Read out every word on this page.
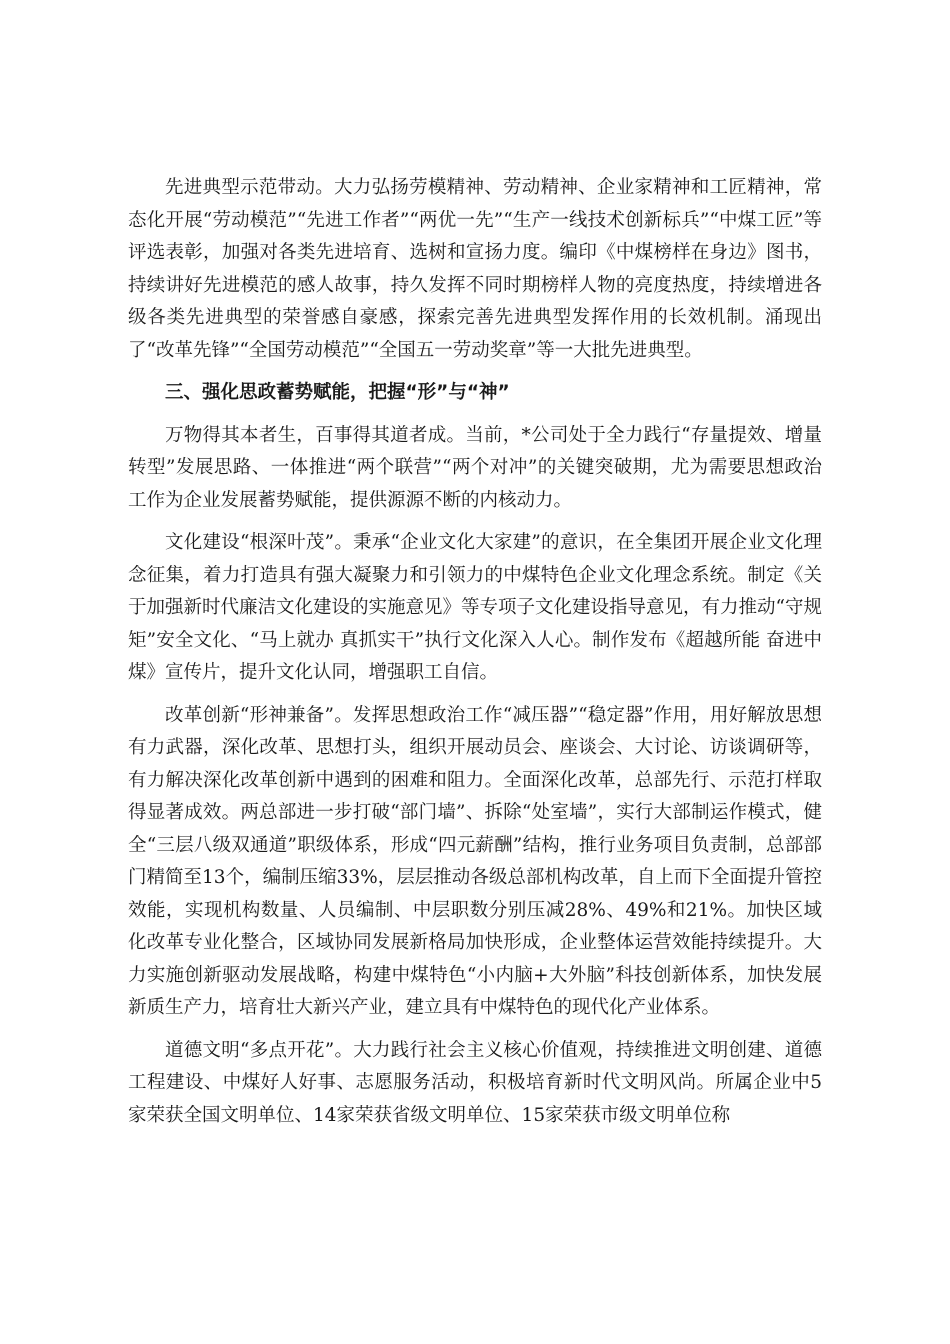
先进典型示范带动。大力弘扬劳模精神、劳动精神、企业家精神和工匠精神，常态化开展“劳动模范”“先进工作者”“两优一先”“生产一线技术创新标兵”“中煤工匠”等评选表彰，加强对各类先进培育、选树和宣扬力度。编印《中煤榜样在身边》图书，持续讲好先进模范的感人故事，持久发挥不同时期榜样人物的亮度热度，持续增进各级各类先进典型的荣誉感自豪感，探索完善先进典型发挥作用的长效机制。涌现出了“改革先锋”“全国劳动模范”“全国五一劳动奖章”等一大批先进典型。

三、强化思政蓄势赋能，把握“形”与“神”

万物得其本者生，百事得其道者成。当前，*公司处于全力践行“存量提效、增量转型”发展思路、一体推进“两个联营”“两个对冲”的关键突破期，尤为需要思想政治工作为企业发展蓄势赋能，提供源源不断的内核动力。

文化建设“根深叶茂”。秉承“企业文化大家建”的意识，在全集团开展企业文化理念征集，着力打造具有强大凝聚力和引领力的中煤特色企业文化理念系统。制定《关于加强新时代廉洁文化建设的实施意见》等专项子文化建设指导意见，有力推动“守规矩”安全文化、“马上就办 真抓实干”执行文化深入人心。制作发布《超越所能 奋进中煤》宣传片，提升文化认同，增强职工自信。

改革创新“形神兼备”。发挥思想政治工作“减压器”“稳定器”作用，用好解放思想有力武器，深化改革、思想打头，组织开展动员会、座谈会、大讨论、访谈调研等，有力解决深化改革创新中遇到的困难和阻力。全面深化改革，总部先行、示范打样取得显著成效。两总部进一步打破“部门墙”、拆除“处室墙”，实行大部制运作模式，健全“三层八级双通道”职级体系，形成“四元薪酬”结构，推行业务项目负责制，总部部门精简至13个，编制压缩33%，层层推动各级总部机构改革，自上而下全面提升管控效能，实现机构数量、人员编制、中层职数分别压减28%、49%和21%。加快区域化改革专业化整合，区域协同发展新格局加快形成，企业整体运营效能持续提升。大力实施创新驱动发展战略，构建中煤特色“小内脑+大外脑”科技创新体系，加快发展新质生产力，培育壮大新兴产业，建立具有中煤特色的现代化产业体系。

道德文明“多点开花”。大力践行社会主义核心价值观，持续推进文明创建、道德工程建设、中煤好人好事、志愿服务活动，积极培育新时代文明风尚。所属企业中5家荣获全国文明单位、14家荣获省级文明单位、15家荣获市级文明单位称
